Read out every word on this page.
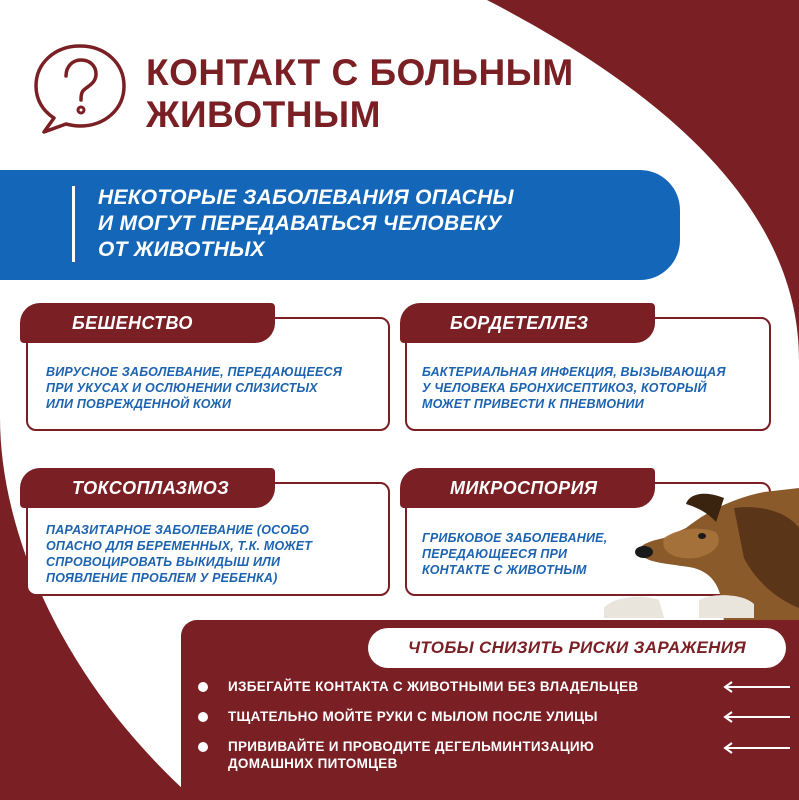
КОНТАКТ С БОЛЬНЫМ
ЖИВОТНЫМ
НЕКОТОРЫЕ ЗАБОЛЕВАНИЯ ОПАСНЫ
И МОГУТ ПЕРЕДАВАТЬСЯ ЧЕЛОВЕКУ
ОТ ЖИВОТНЫХ
БЕШЕНСТВО
ВИРУСНОЕ ЗАБОЛЕВАНИЕ, ПЕРЕДАЮЩЕЕСЯ
ПРИ УКУСАХ И ОСЛЮНЕНИИ СЛИЗИСТЫХ
ИЛИ ПОВРЕЖДЕННОЙ КОЖИ
БОРДЕТЕЛЛЕЗ
БАКТЕРИАЛЬНАЯ ИНФЕКЦИЯ, ВЫЗЫВАЮЩАЯ
У ЧЕЛОВЕКА БРОНХИСЕПТИКОЗ, КОТОРЫЙ
МОЖЕТ ПРИВЕСТИ К ПНЕВМОНИИ
ТОКСОПЛАЗМОЗ
ПАРАЗИТАРНОЕ ЗАБОЛЕВАНИЕ (ОСОБО
ОПАСНО ДЛЯ БЕРЕМЕННЫХ, Т.К. МОЖЕТ
СПРОВОЦИРОВАТЬ ВЫКИДЫШ ИЛИ
ПОЯВЛЕНИЕ ПРОБЛЕМ У РЕБЕНКА)
МИКРОСПОРИЯ
ГРИБКОВОЕ ЗАБОЛЕВАНИЕ,
ПЕРЕДАЮЩЕЕСЯ ПРИ
КОНТАКТЕ С ЖИВОТНЫМ
ЧТОБЫ СНИЗИТЬ РИСКИ ЗАРАЖЕНИЯ
ИЗБЕГАЙТЕ КОНТАКТА С ЖИВОТНЫМИ БЕЗ ВЛАДЕЛЬЦЕВ
ТЩАТЕЛЬНО МОЙТЕ РУКИ С МЫЛОМ ПОСЛЕ УЛИЦЫ
ПРИВИВАЙТЕ И ПРОВОДИТЕ ДЕГЕЛЬМИНТИЗАЦИЮ
ДОМАШНИХ ПИТОМЦЕВ
